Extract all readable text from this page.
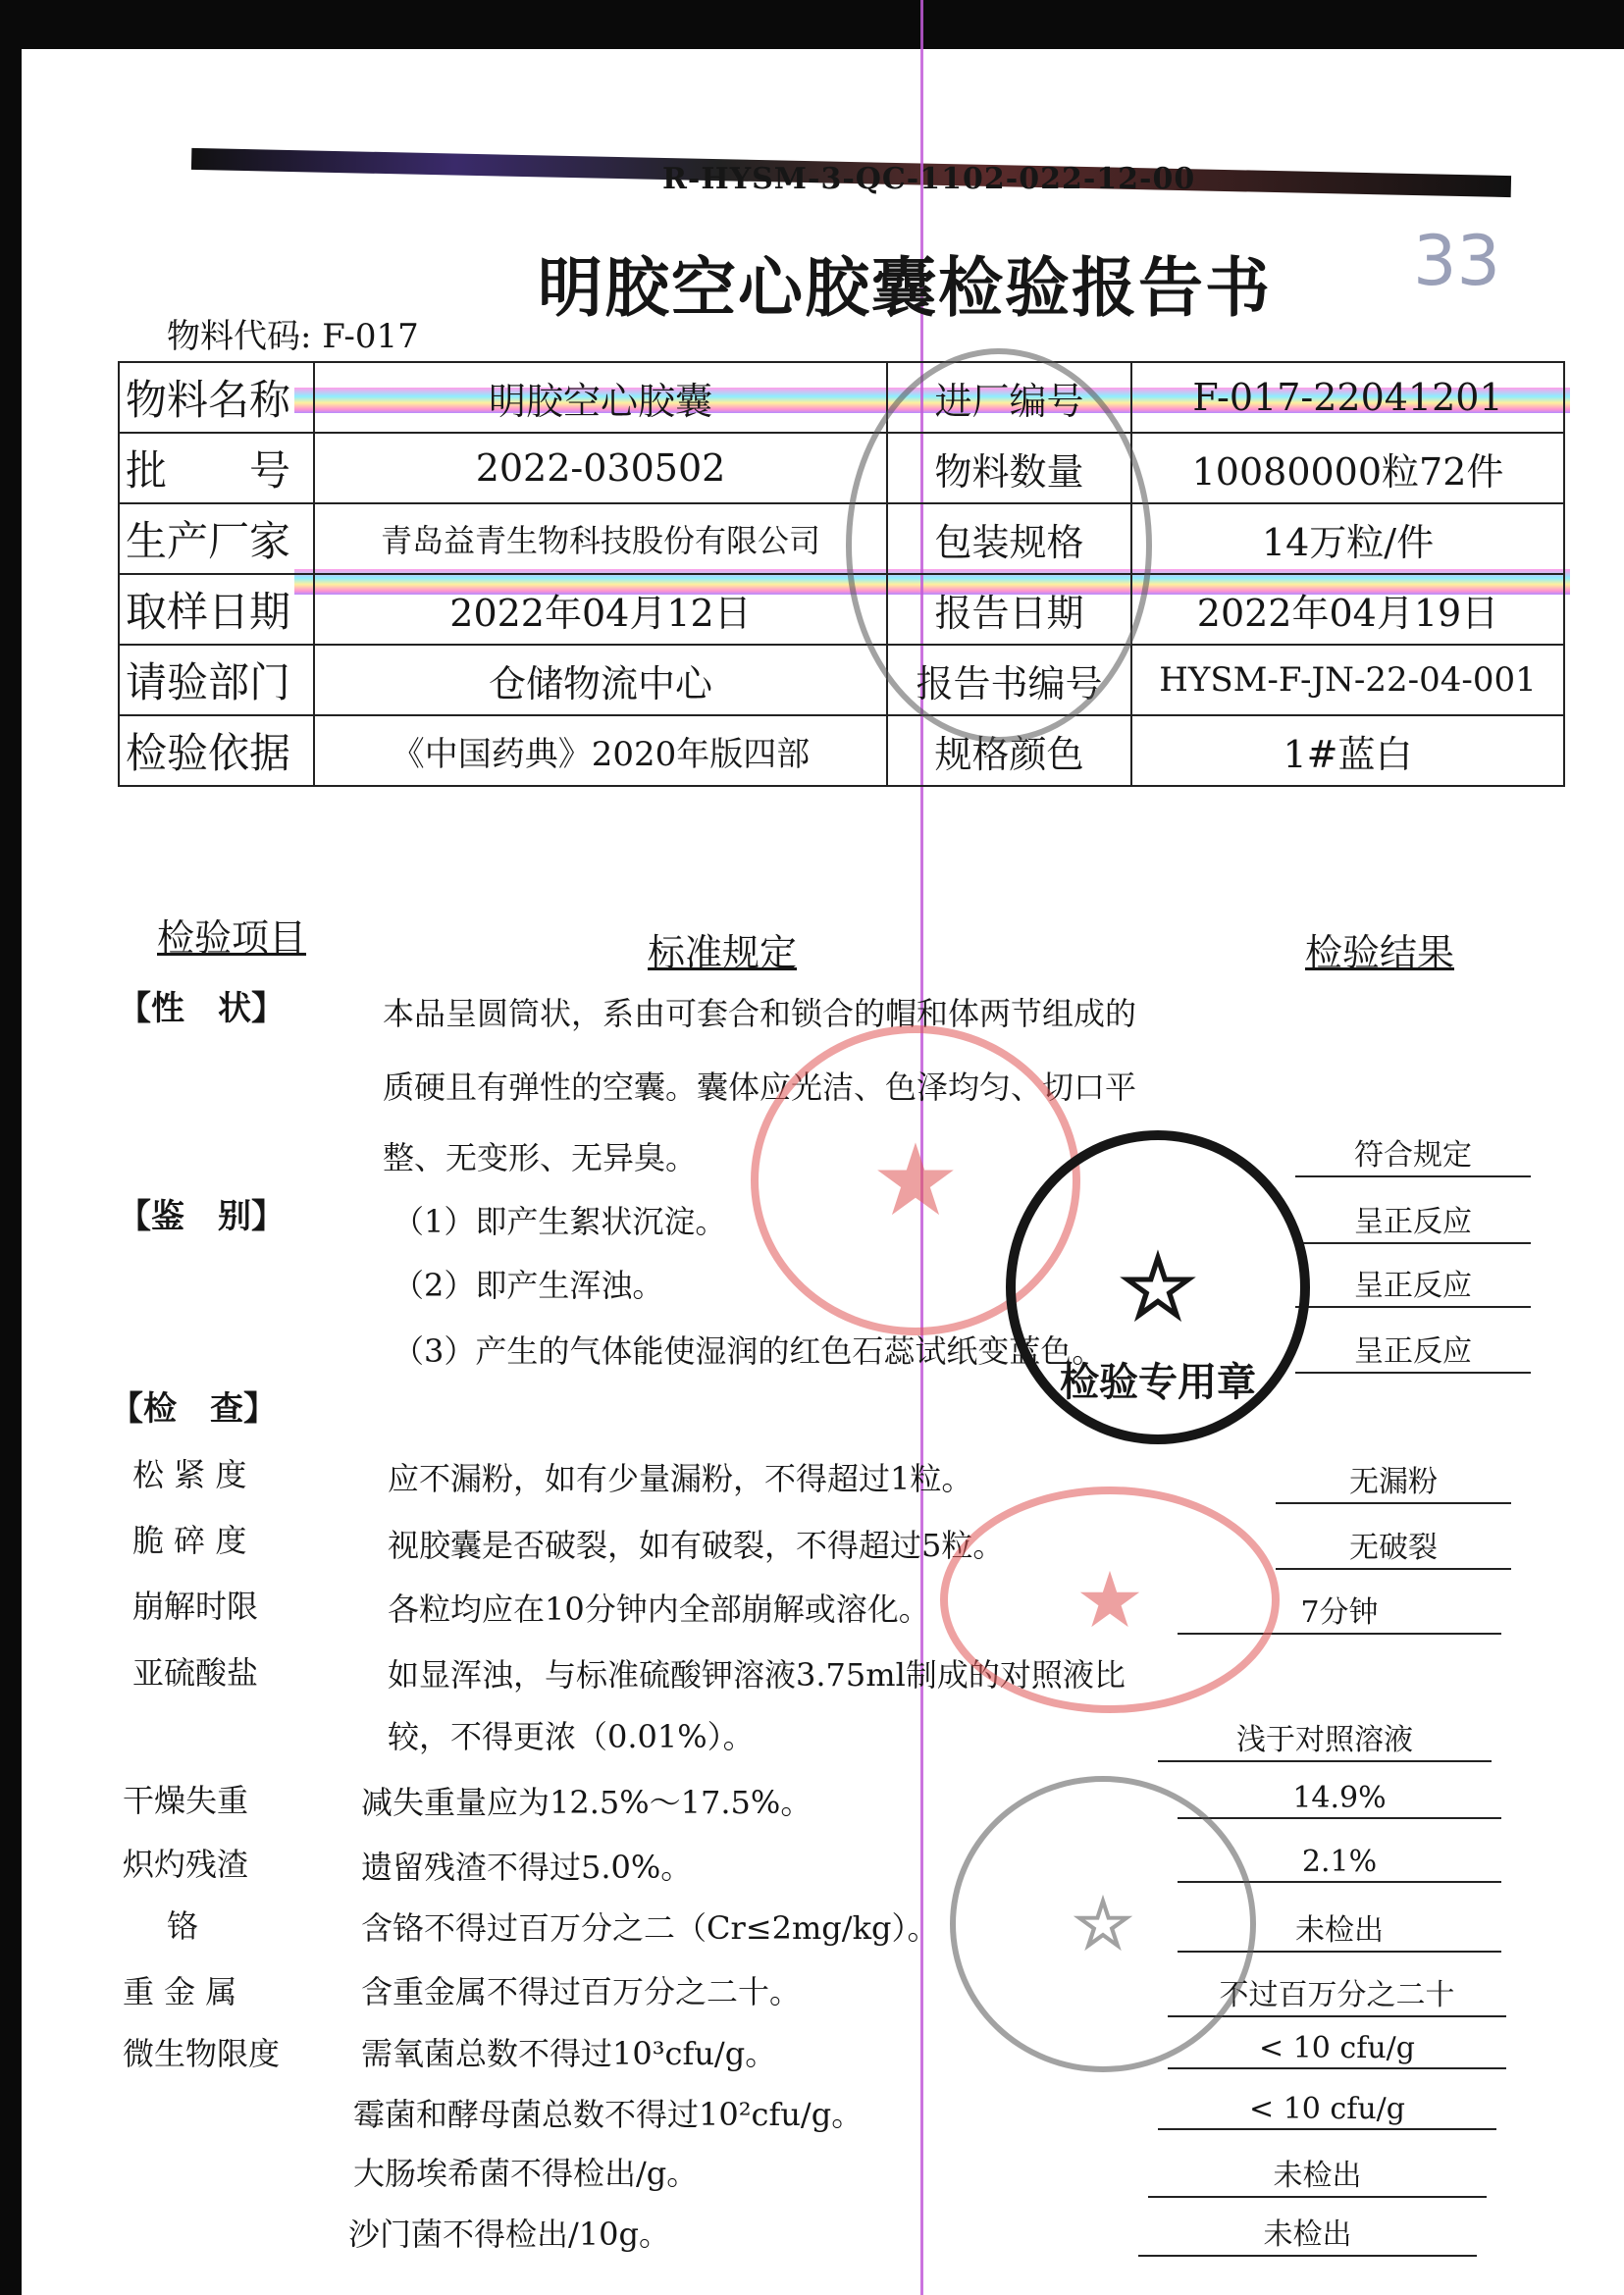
R-HYSM-3-QC-1102-022-12-00
明胶空心胶囊检验报告书 33
物料代码: F-017
物料名称	明胶空心胶囊	进厂编号	F-017-22041201
批　　号	2022-030502	物料数量	10080000粒72件
生产厂家	青岛益青生物科技股份有限公司	包装规格	14万粒/件
取样日期	2022年04月12日	报告日期	2022年04月19日
请验部门	仓储物流中心	报告书编号	HYSM-F-JN-22-04-001
检验依据	《中国药典》2020年版四部	规格颜色	1#蓝白
检验项目	标准规定	检验结果
【性　状】	本品呈圆筒状，系由可套合和锁合的帽和体两节组成的
质硬且有弹性的空囊。囊体应光洁、色泽均匀、切口平
整、无变形、无异臭。	符合规定
【鉴　别】	（1）即产生絮状沉淀。	呈正反应
（2）即产生浑浊。	呈正反应
（3）产生的气体能使湿润的红色石蕊试纸变蓝色。	呈正反应
【检　查】
松 紧 度	应不漏粉，如有少量漏粉，不得超过1粒。	无漏粉
脆 碎 度	视胶囊是否破裂，如有破裂，不得超过5粒。	无破裂
崩解时限	各粒均应在10分钟内全部崩解或溶化。	7分钟
亚硫酸盐	如显浑浊，与标准硫酸钾溶液3.75ml制成的对照液比
较，不得更浓（0.01%）。	浅于对照溶液
干燥失重	减失重量应为12.5%～17.5%。	14.9%
炽灼残渣	遗留残渣不得过5.0%。	2.1%
铬	含铬不得过百万分之二（Cr≤2mg/kg）。	未检出
重 金 属	含重金属不得过百万分之二十。	不过百万分之二十
微生物限度	需氧菌总数不得过10³cfu/g。	< 10 cfu/g
霉菌和酵母菌总数不得过10²cfu/g。	< 10 cfu/g
大肠埃希菌不得检出/g。	未检出
沙门菌不得检出/10g。	未检出
★
☆
检验专用章
★
☆
